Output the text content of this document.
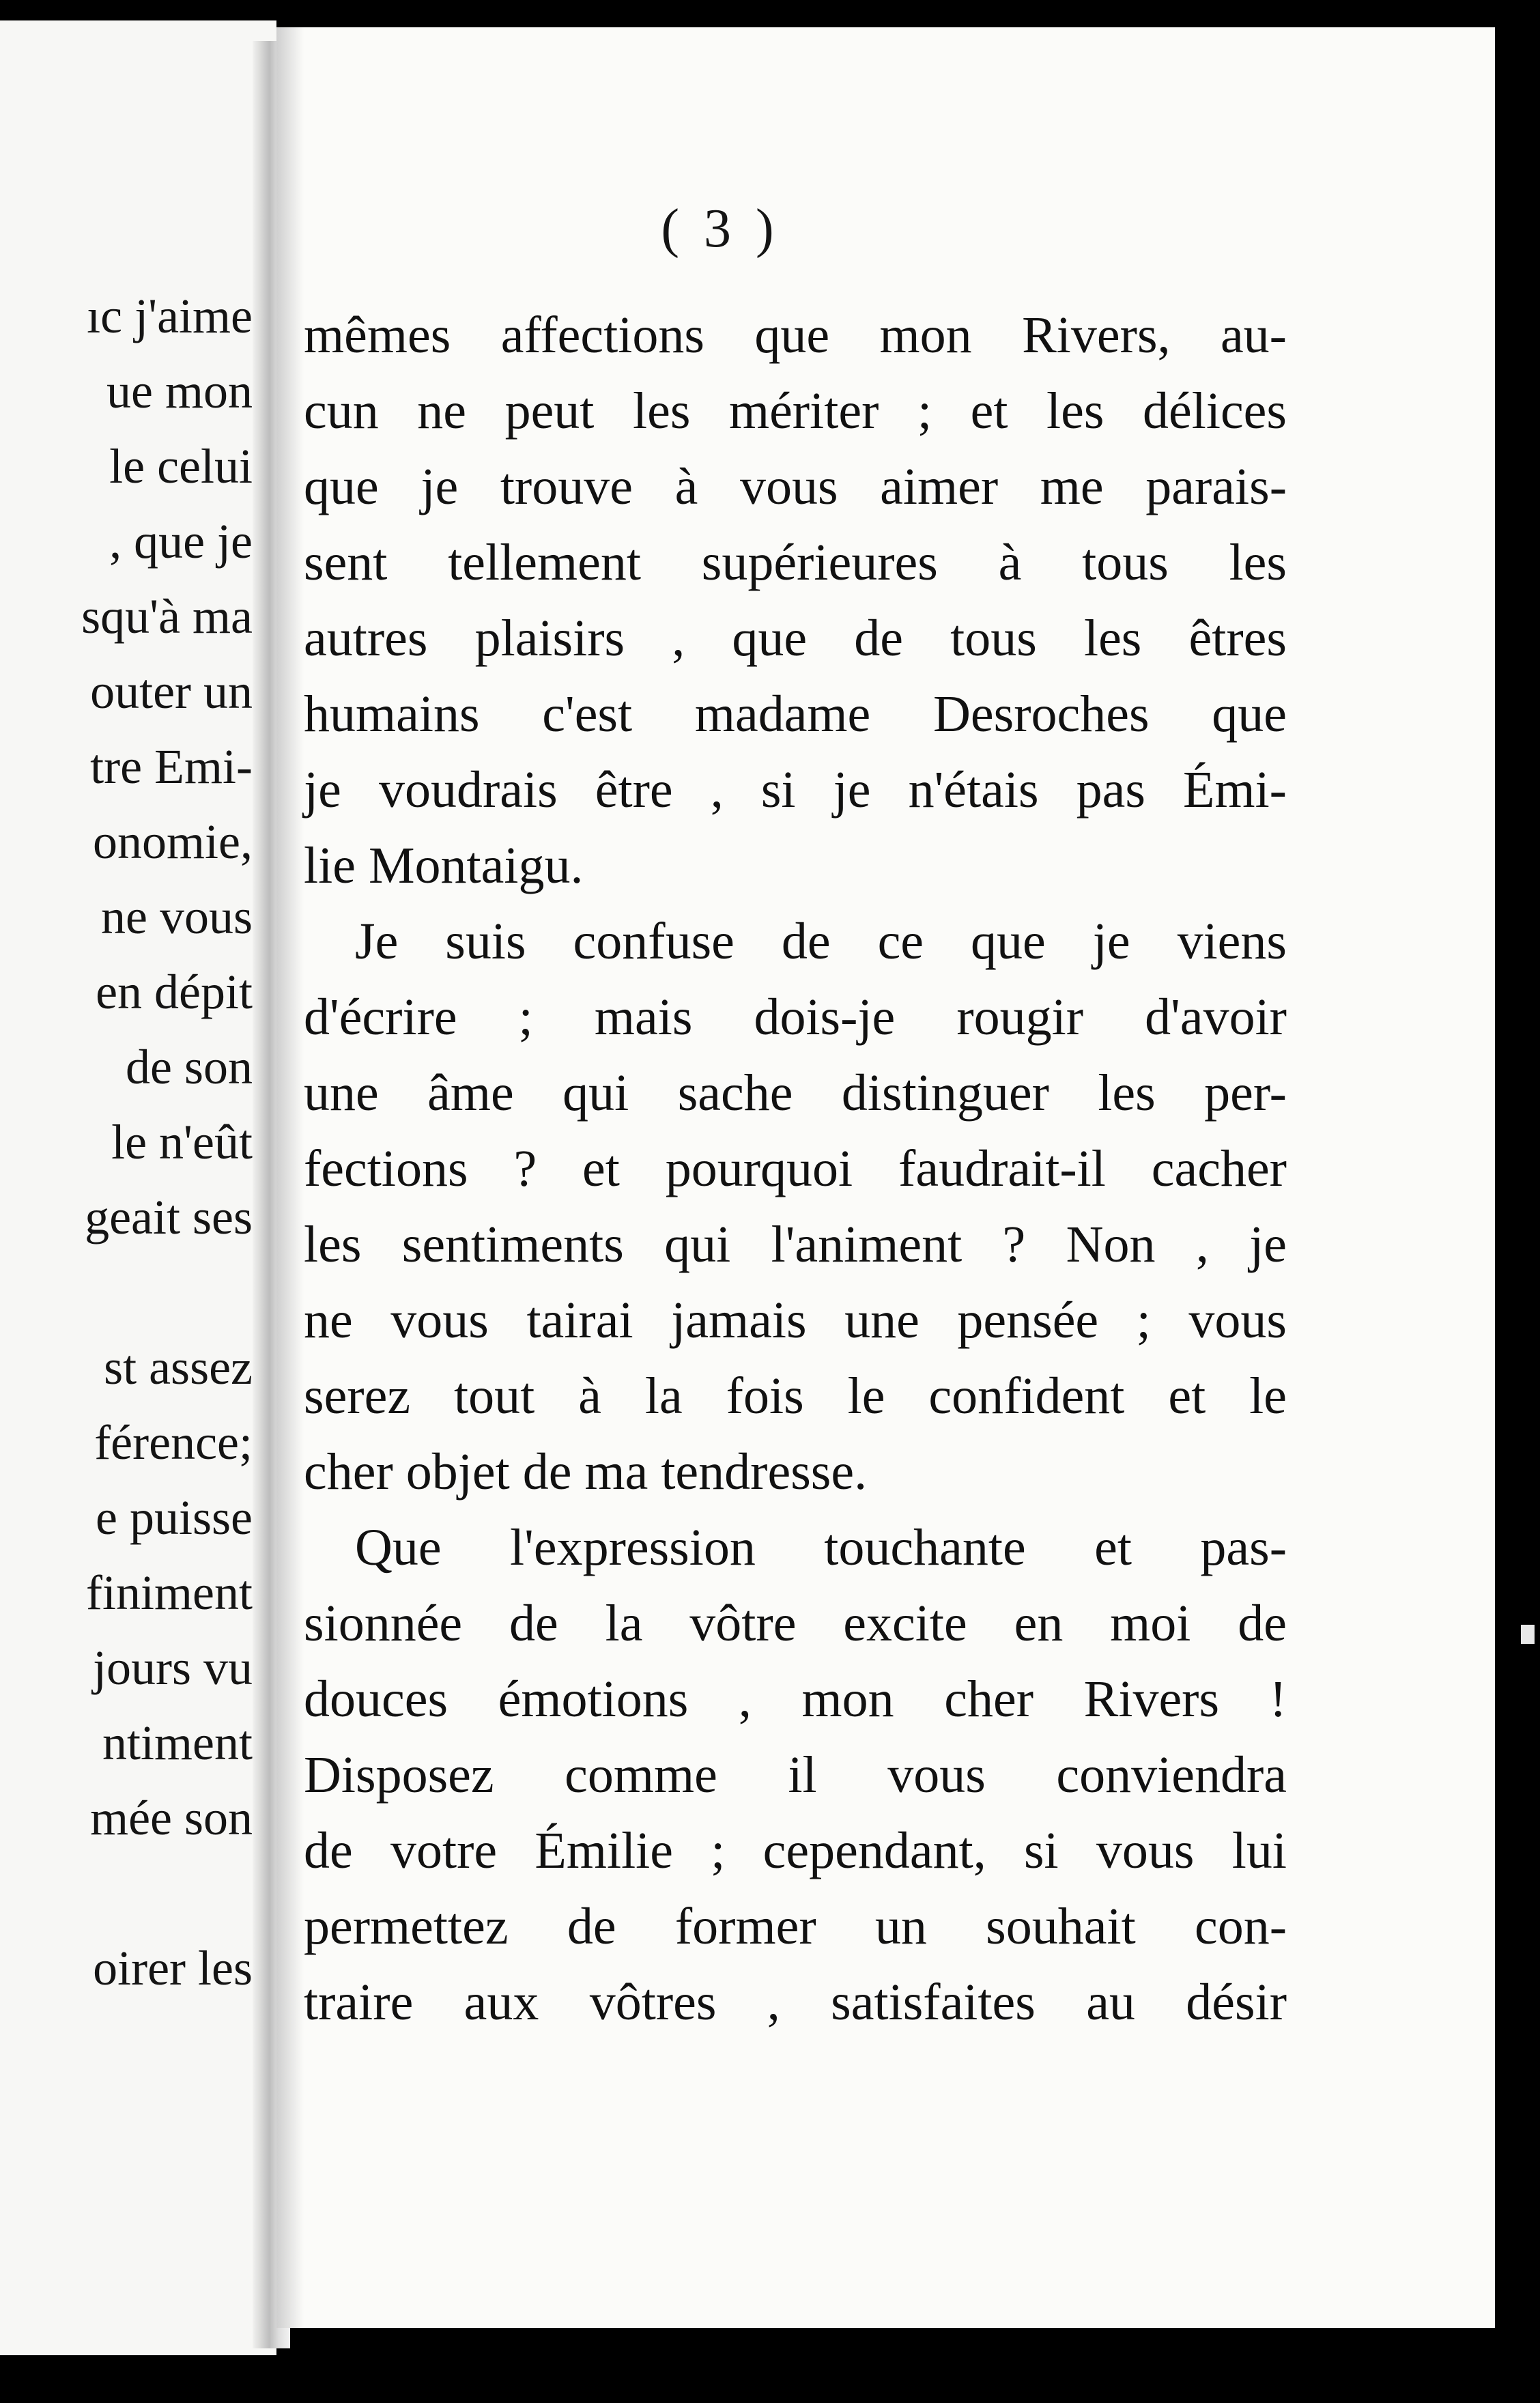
ıc j'aime
ue mon
le celui
, que je
squ'à ma
outer un
tre Emi-
onomie,
ne vous
en dépit
de son
le n'eût
geait ses
st assez
férence;
e puisse
finiment
jours vu
ntiment
mée son
oirer les
( 3 )
mêmes affections que mon Rivers, au-
cun ne peut les mériter ; et les délices
que je trouve à vous aimer me parais-
sent tellement supérieures à tous les
autres plaisirs , que de tous les êtres
humains c'est madame Desroches que
je voudrais être , si je n'étais pas Émi-
lie Montaigu.
Je suis confuse de ce que je viens
d'écrire ; mais dois-je rougir d'avoir
une âme qui sache distinguer les per-
fections ? et pourquoi faudrait-il cacher
les sentiments qui l'animent ? Non , je
ne vous tairai jamais une pensée ; vous
serez tout à la fois le confident et le
cher objet de ma tendresse.
Que l'expression touchante et pas-
sionnée de la vôtre excite en moi de
douces émotions , mon cher Rivers !
Disposez comme il vous conviendra
de votre Émilie ; cependant, si vous lui
permettez de former un souhait con-
traire aux vôtres , satisfaites au désir
